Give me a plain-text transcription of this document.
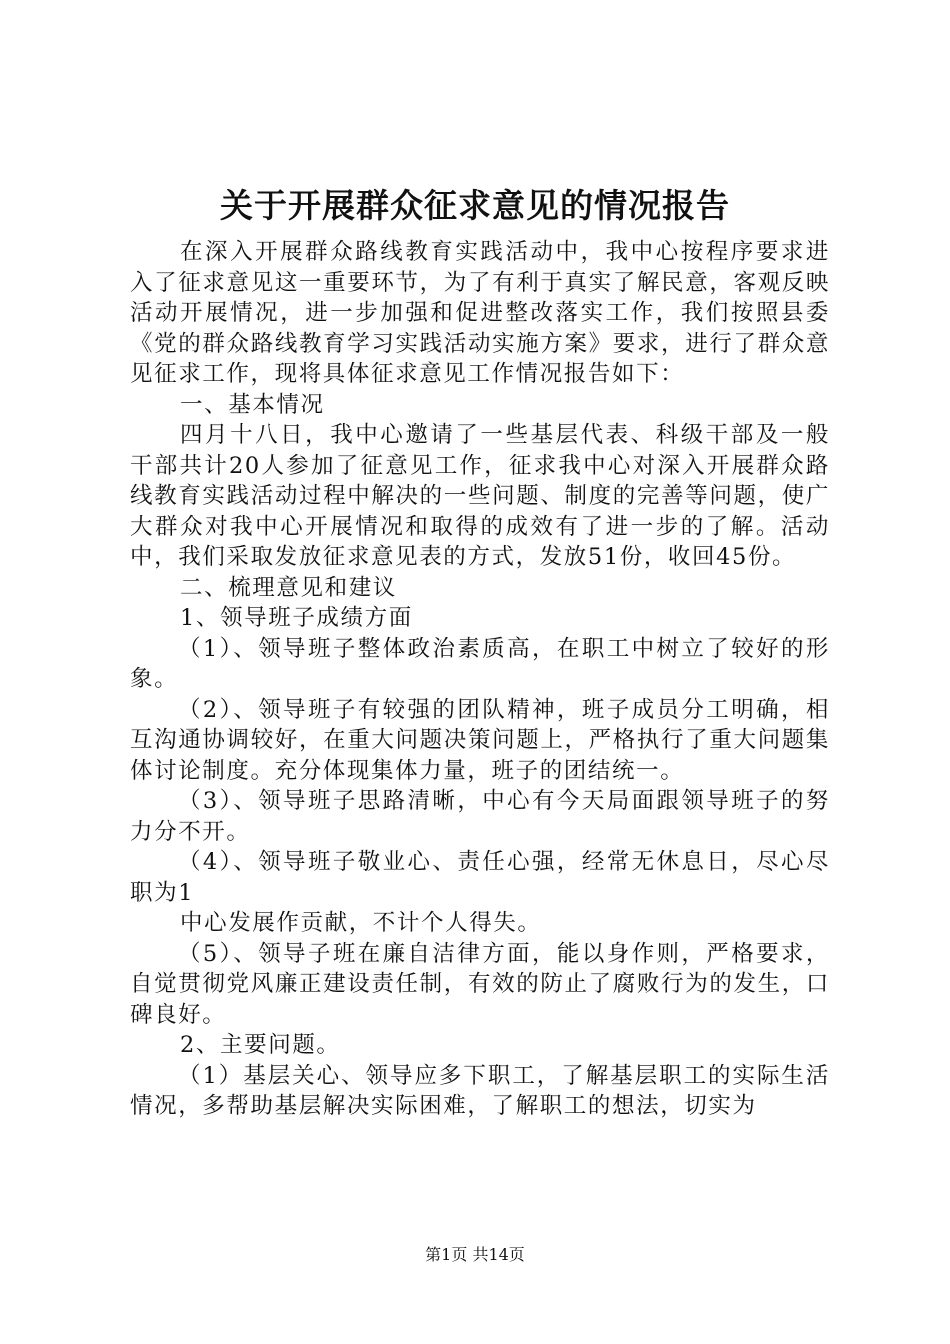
关于开展群众征求意见的情况报告

在深入开展群众路线教育实践活动中，我中心按程序要求进入了征求意见这一重要环节，为了有利于真实了解民意，客观反映活动开展情况，进一步加强和促进整改落实工作，我们按照县委《党的群众路线教育学习实践活动实施方案》要求，进行了群众意见征求工作，现将具体征求意见工作情况报告如下：

一、基本情况

四月十八日，我中心邀请了一些基层代表、科级干部及一般干部共计20人参加了征意见工作，征求我中心对深入开展群众路线教育实践活动过程中解决的一些问题、制度的完善等问题，使广大群众对我中心开展情况和取得的成效有了进一步的了解。活动中，我们采取发放征求意见表的方式，发放51份，收回45份。

二、梳理意见和建议

1、领导班子成绩方面

（1）、领导班子整体政治素质高，在职工中树立了较好的形象。

（2）、领导班子有较强的团队精神，班子成员分工明确，相互沟通协调较好，在重大问题决策问题上，严格执行了重大问题集体讨论制度。充分体现集体力量，班子的团结统一。

（3）、领导班子思路清晰，中心有今天局面跟领导班子的努力分不开。

（4）、领导班子敬业心、责任心强，经常无休息日，尽心尽职为1

中心发展作贡献，不计个人得失。

（5）、领导子班在廉自洁律方面，能以身作则，严格要求，自觉贯彻党风廉正建设责任制，有效的防止了腐败行为的发生，口碑良好。

2、主要问题。

（1）基层关心、领导应多下职工，了解基层职工的实际生活情况，多帮助基层解决实际困难，了解职工的想法，切实为

第1页 共14页
